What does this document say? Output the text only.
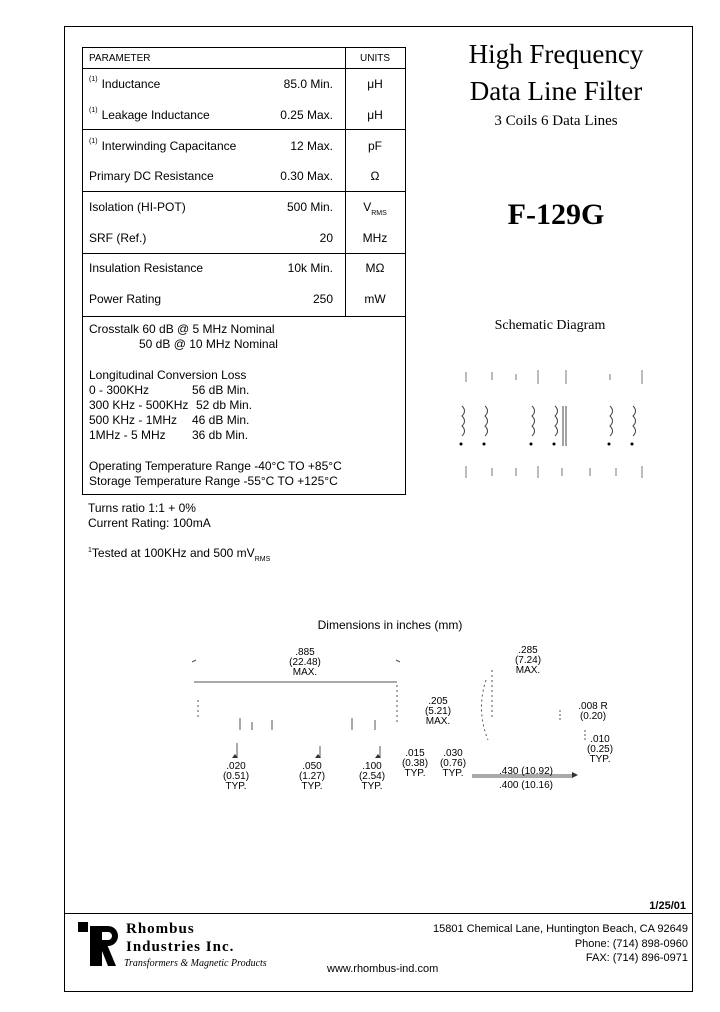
PARAMETER	UNITS
$^{(1)}$ Inductance	85.0 Min.	μH
$^{(1)}$ Leakage Inductance	0.25 Max.	μH
$^{(1)}$ Interwinding Capacitance	12 Max.	pF
Primary DC Resistance	0.30 Max.	Ω
Isolation (HI-POT)	500 Min.	$V_{RMS}$
SRF (Ref.)	20	MHz
Insulation Resistance	10k Min.	MΩ
Power Rating	250	mW
Crosstalk 60 dB @ 5 MHz Nominal
50 dB @ 10 MHz Nominal
Longitudinal Conversion Loss
0 - 300KHz	56 dB Min.
300 KHz - 500KHz 52 db Min.
500 KHz - 1MHz 46 dB Min.
1MHz - 5 MHz 36 db Min.
Operating Temperature Range -40°C TO +85°C
Storage Temperature Range -55°C TO +125°C
Turns ratio 1:1 + 0%
Current Rating: 100mA
$^1$Tested at 100KHz and 500 $mV_{RMS}$
High Frequency
Data Line Filter
3 Coils 6 Data Lines
F-129G
Schematic Diagram
Dimensions in inches (mm)
.885
(22.48)
MAX.
.285
(7.24)
MAX.
.205
(5.21)
MAX.
.008 R
(0.20)
.010
(0.25)
TYP.
.020
(0.51)
TYP.
.050
(1.27)
TYP.
.100
(2.54)
TYP.
.015
(0.38)
TYP.
.030
(0.76)
TYP.	.430 (10.92)
.400 (10.16)
1/25/01
Rhombus
Industries Inc.
Transformers & Magnetic Products
15801 Chemical Lane, Huntington Beach, CA 92649
Phone: (714) 898-0960
FAX: (714) 896-0971
www.rhombus-ind.com
